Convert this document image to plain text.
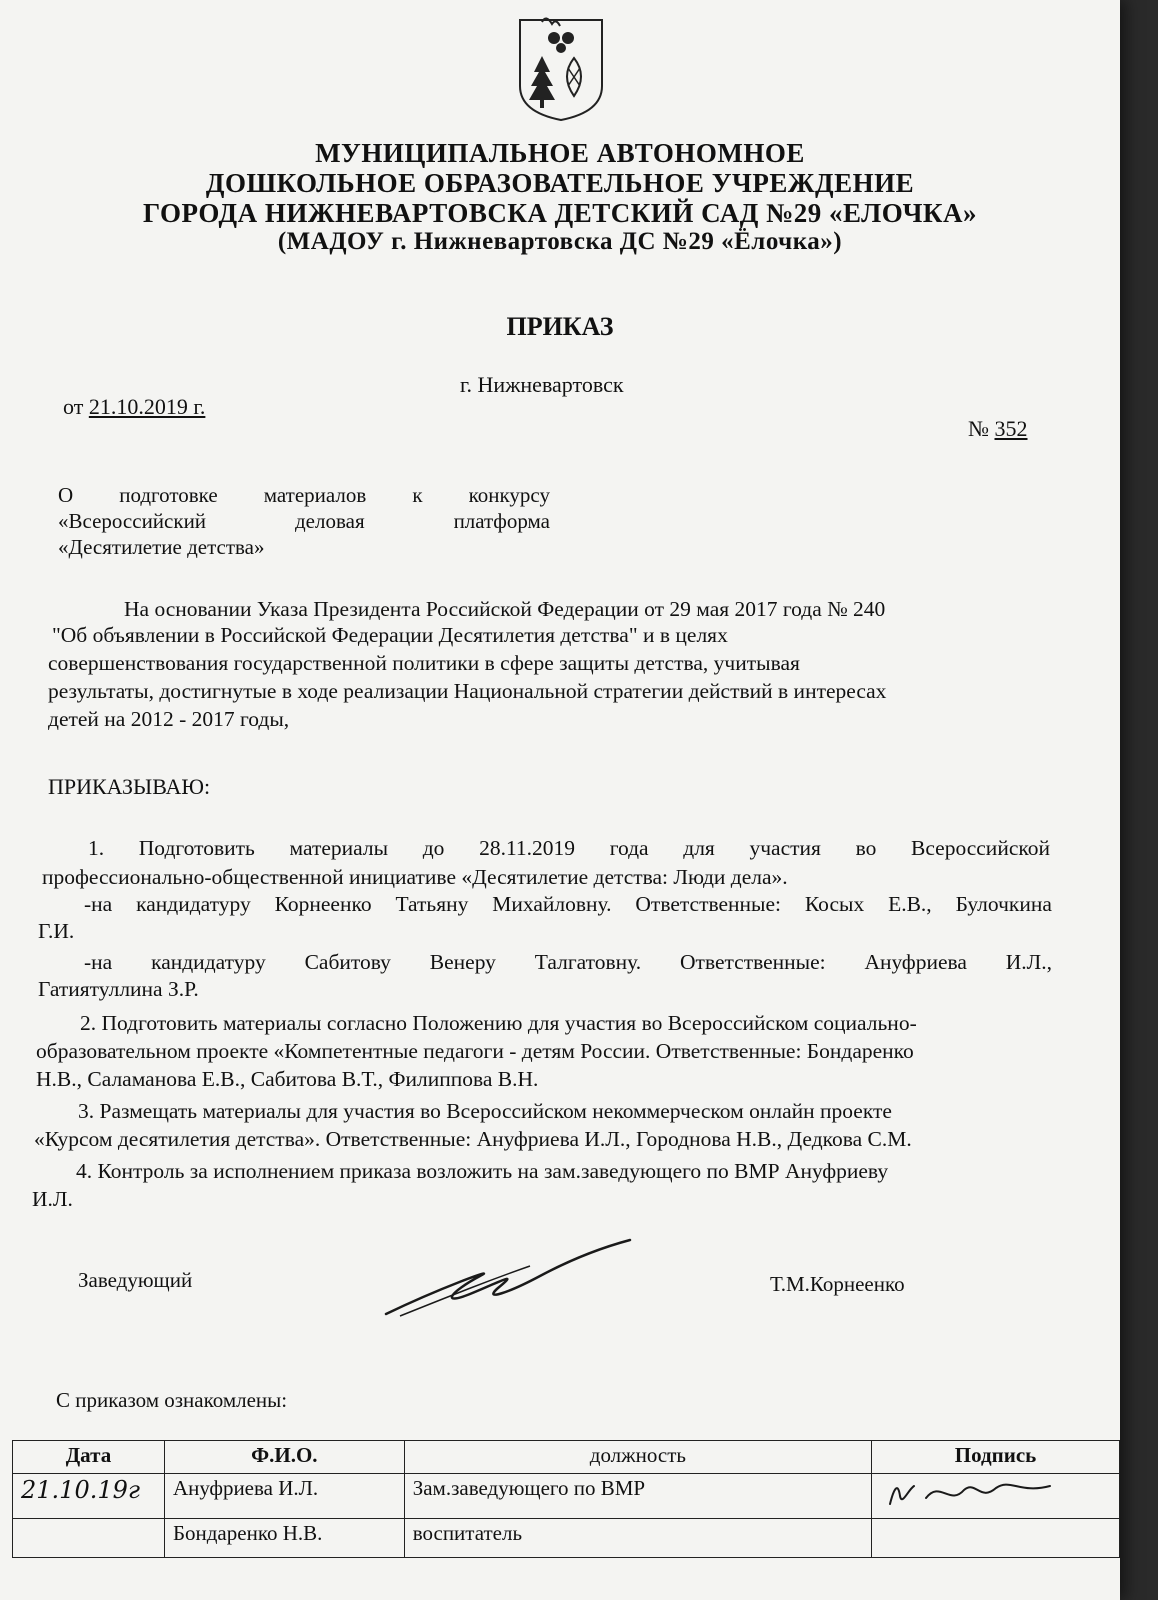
МУНИЦИПАЛЬНОЕ АВТОНОМНОЕ
ДОШКОЛЬНОЕ ОБРАЗОВАТЕЛЬНОЕ УЧРЕЖДЕНИЕ
ГОРОДА НИЖНЕВАРТОВСКА ДЕТСКИЙ САД №29 «ЕЛОЧКА»
(МАДОУ г. Нижневартовска ДС №29 «Ёлочка»)
ПРИКАЗ
г. Нижневартовск
от 21.10.2019 г.
№ 352
О подготовке материалов к конкурсу
«Всероссийский	деловая	платформа
«Десятилетие детства»
На основании Указа Президента Российской Федерации от 29 мая 2017 года № 240
"Об объявлении в Российской Федерации Десятилетия детства" и в целях
совершенствования государственной политики в сфере защиты детства, учитывая
результаты, достигнутые в ходе реализации Национальной стратегии действий в интересах
детей на 2012 - 2017 годы,
ПРИКАЗЫВАЮ:
1. Подготовить материалы до 28.11.2019 года для участия во Всероссийской
профессионально-общественной инициативе «Десятилетие детства: Люди дела».
-на кандидатуру Корнеенко Татьяну Михайловну. Ответственные: Косых Е.В., Булочкина
Г.И.
-на кандидатуру Сабитову Венеру Талгатовну. Ответственные: Ануфриева И.Л.,
Гатиятуллина З.Р.
2. Подготовить материалы согласно Положению для участия во Всероссийском социально-
образовательном проекте «Компетентные педагоги - детям России. Ответственные: Бондаренко
Н.В., Саламанова Е.В., Сабитова В.Т., Филиппова В.Н.
3. Размещать материалы для участия во Всероссийском некоммерческом онлайн проекте
«Курсом десятилетия детства». Ответственные: Ануфриева И.Л., Городнова Н.В., Дедкова С.М.
4. Контроль за исполнением приказа возложить на зам.заведующего по ВМР Ануфриеву
И.Л.
Заведующий	Т.М.Корнеенко
С приказом ознакомлены:
Дата	Ф.И.О.	должность	Подпись
21.10.19г	Ануфриева И.Л.	Зам.заведующего по ВМР	
	Бондаренко Н.В.	воспитатель	
